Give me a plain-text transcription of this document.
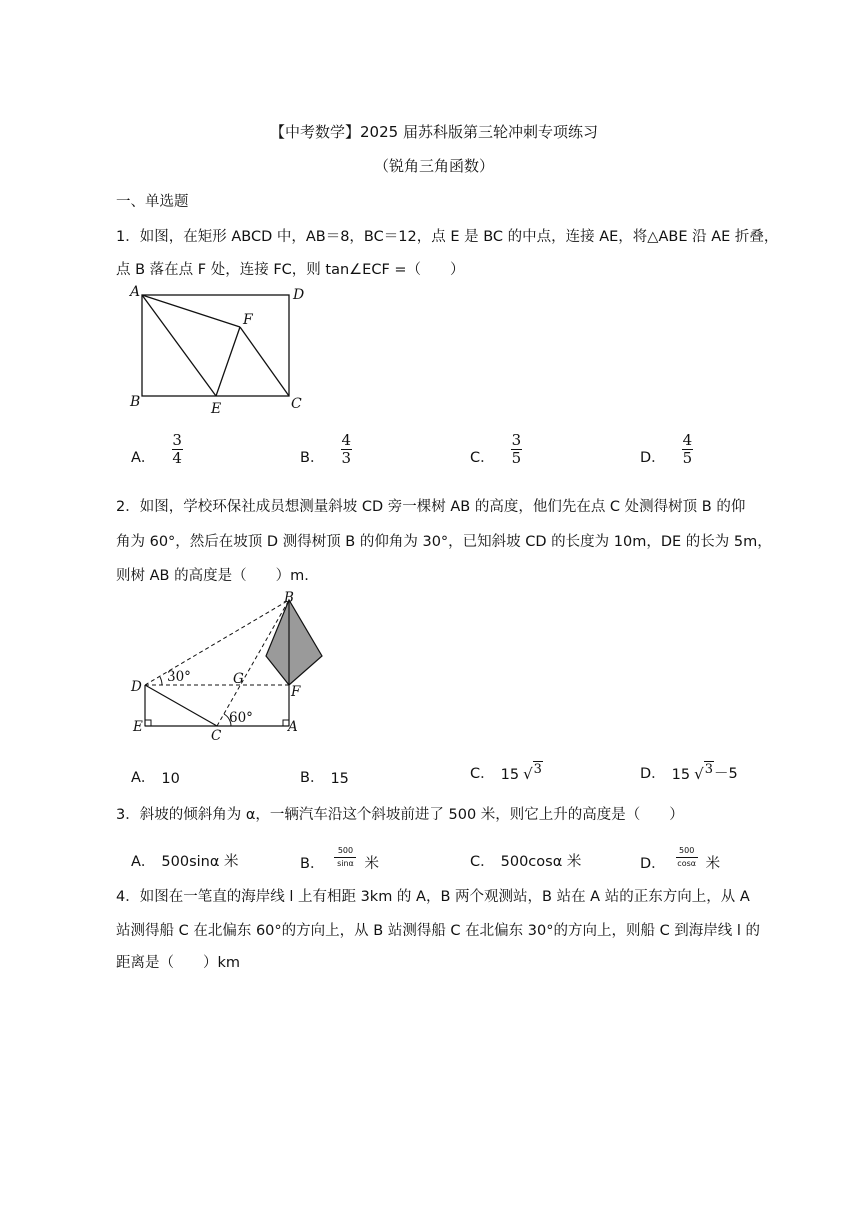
【中考数学】2025 届苏科版第三轮冲刺专项练习
（锐角三角函数）
一、单选题
1．如图，在矩形 ABCD 中，AB＝8，BC＝12，点 E 是 BC 的中点，连接 AE，将△ABE 沿 AE 折叠，
点 B 落在点 F 处，连接 FC，则 tan∠ECF =（　　）
A	D
F
B	E	C
A． $\frac{3}{4}$	B． $\frac{4}{3}$	C． $\frac{3}{5}$	D． $\frac{4}{5}$
2．如图，学校环保社成员想测量斜坡 CD 旁一棵树 AB 的高度，他们先在点 C 处测得树顶 B 的仰
角为 60°，然后在坡顶 D 测得树顶 B 的仰角为 30°，已知斜坡 CD 的长度为 10m，DE 的长为 5m，
则树 AB 的高度是（　　）m.
B
D
30°	G
F
E
C
60°
A
A． 10	B． 15	C． 15 √ 3	D． 15 √ 3 －5
3．斜坡的倾斜角为 α，一辆汽车沿这个斜坡前进了 500 米，则它上升的高度是（　　）
A． 500sinα 米	B．
500
sinα 米	C． 500cosα 米	D．
500
cosα 米
4．如图在一笔直的海岸线 l 上有相距 3km 的 A，B 两个观测站，B 站在 A 站的正东方向上，从 A
站测得船 C 在北偏东 60°的方向上，从 B 站测得船 C 在北偏东 30°的方向上，则船 C 到海岸线 l 的
距离是（　　）km
